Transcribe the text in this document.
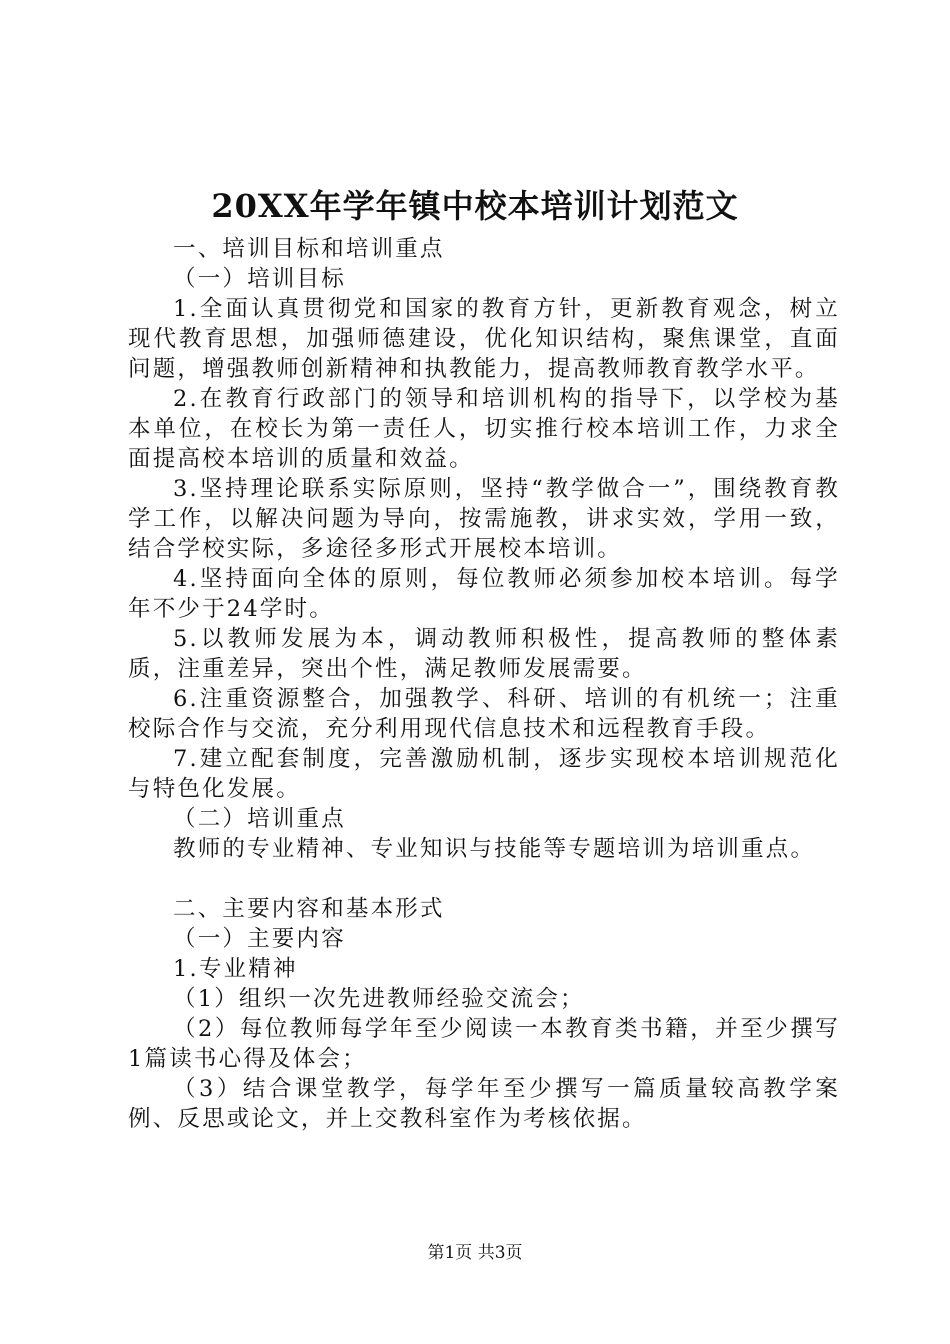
20XX年学年镇中校本培训计划范文

一、培训目标和培训重点

（一）培训目标

1.全面认真贯彻党和国家的教育方针，更新教育观念，树立现代教育思想，加强师德建设，优化知识结构，聚焦课堂，直面问题，增强教师创新精神和执教能力，提高教师教育教学水平。

2.在教育行政部门的领导和培训机构的指导下，以学校为基本单位，在校长为第一责任人，切实推行校本培训工作，力求全面提高校本培训的质量和效益。

3.坚持理论联系实际原则，坚持“教学做合一”，围绕教育教学工作，以解决问题为导向，按需施教，讲求实效，学用一致，结合学校实际，多途径多形式开展校本培训。

4.坚持面向全体的原则，每位教师必须参加校本培训。每学年不少于24学时。

5.以教师发展为本，调动教师积极性，提高教师的整体素质，注重差异，突出个性，满足教师发展需要。

6.注重资源整合，加强教学、科研、培训的有机统一；注重校际合作与交流，充分利用现代信息技术和远程教育手段。

7.建立配套制度，完善激励机制，逐步实现校本培训规范化与特色化发展。

（二）培训重点

教师的专业精神、专业知识与技能等专题培训为培训重点。

二、主要内容和基本形式

（一）主要内容

1.专业精神

（1）组织一次先进教师经验交流会；

（2）每位教师每学年至少阅读一本教育类书籍，并至少撰写1篇读书心得及体会；

（3）结合课堂教学，每学年至少撰写一篇质量较高教学案例、反思或论文，并上交教科室作为考核依据。

第1页 共3页
